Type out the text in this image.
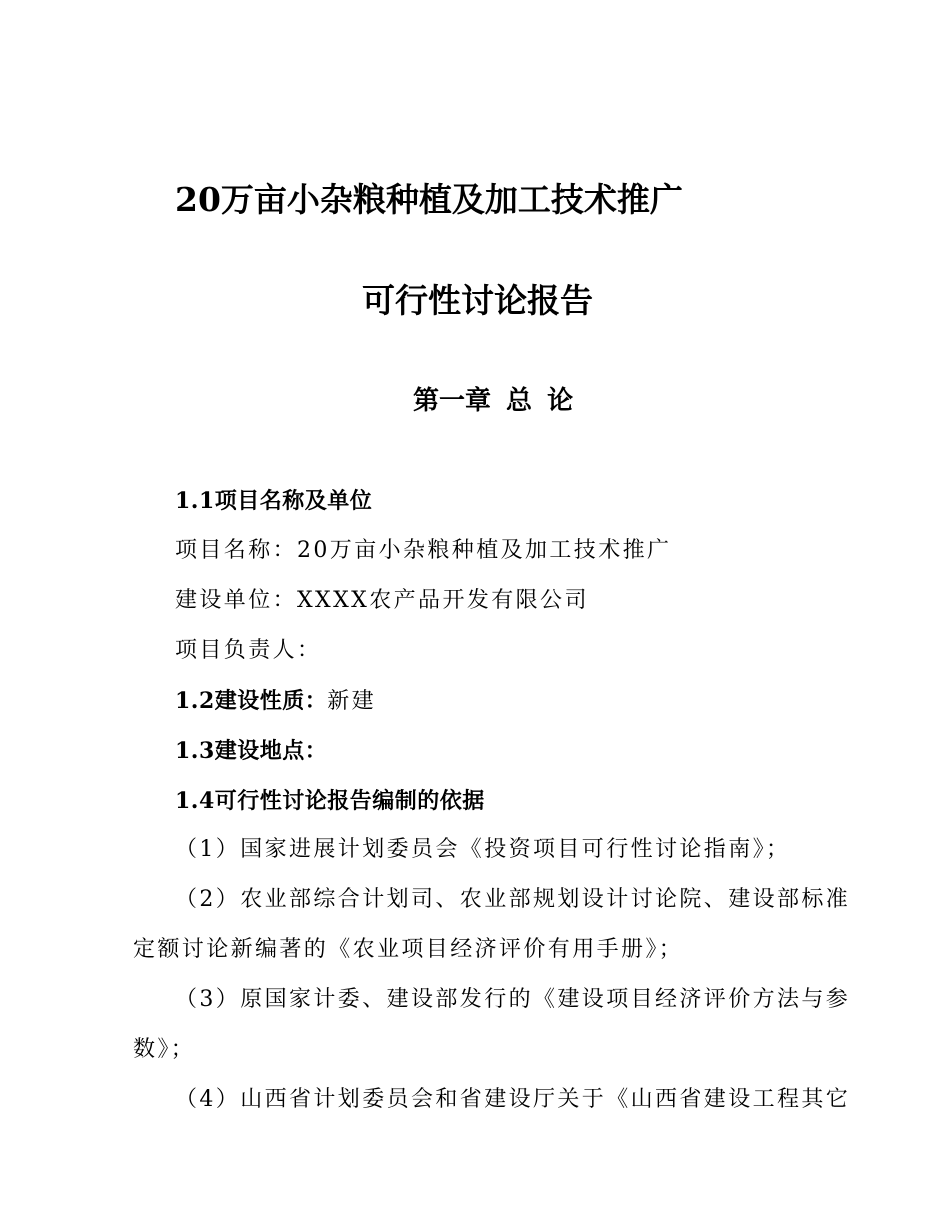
20万亩小杂粮种植及加工技术推广
可行性讨论报告
第一章 总 论
1.1项目名称及单位
项目名称：20万亩小杂粮种植及加工技术推广
建设单位：XXXX农产品开发有限公司
项目负责人：
1.2建设性质：新建
1.3建设地点：
1.4可行性讨论报告编制的依据
（1）国家进展计划委员会《投资项目可行性讨论指南》；
（2）农业部综合计划司、农业部规划设计讨论院、建设部标准
定额讨论新编著的《农业项目经济评价有用手册》；
（3）原国家计委、建设部发行的《建设项目经济评价方法与参
数》；
（4）山西省计划委员会和省建设厅关于《山西省建设工程其它
